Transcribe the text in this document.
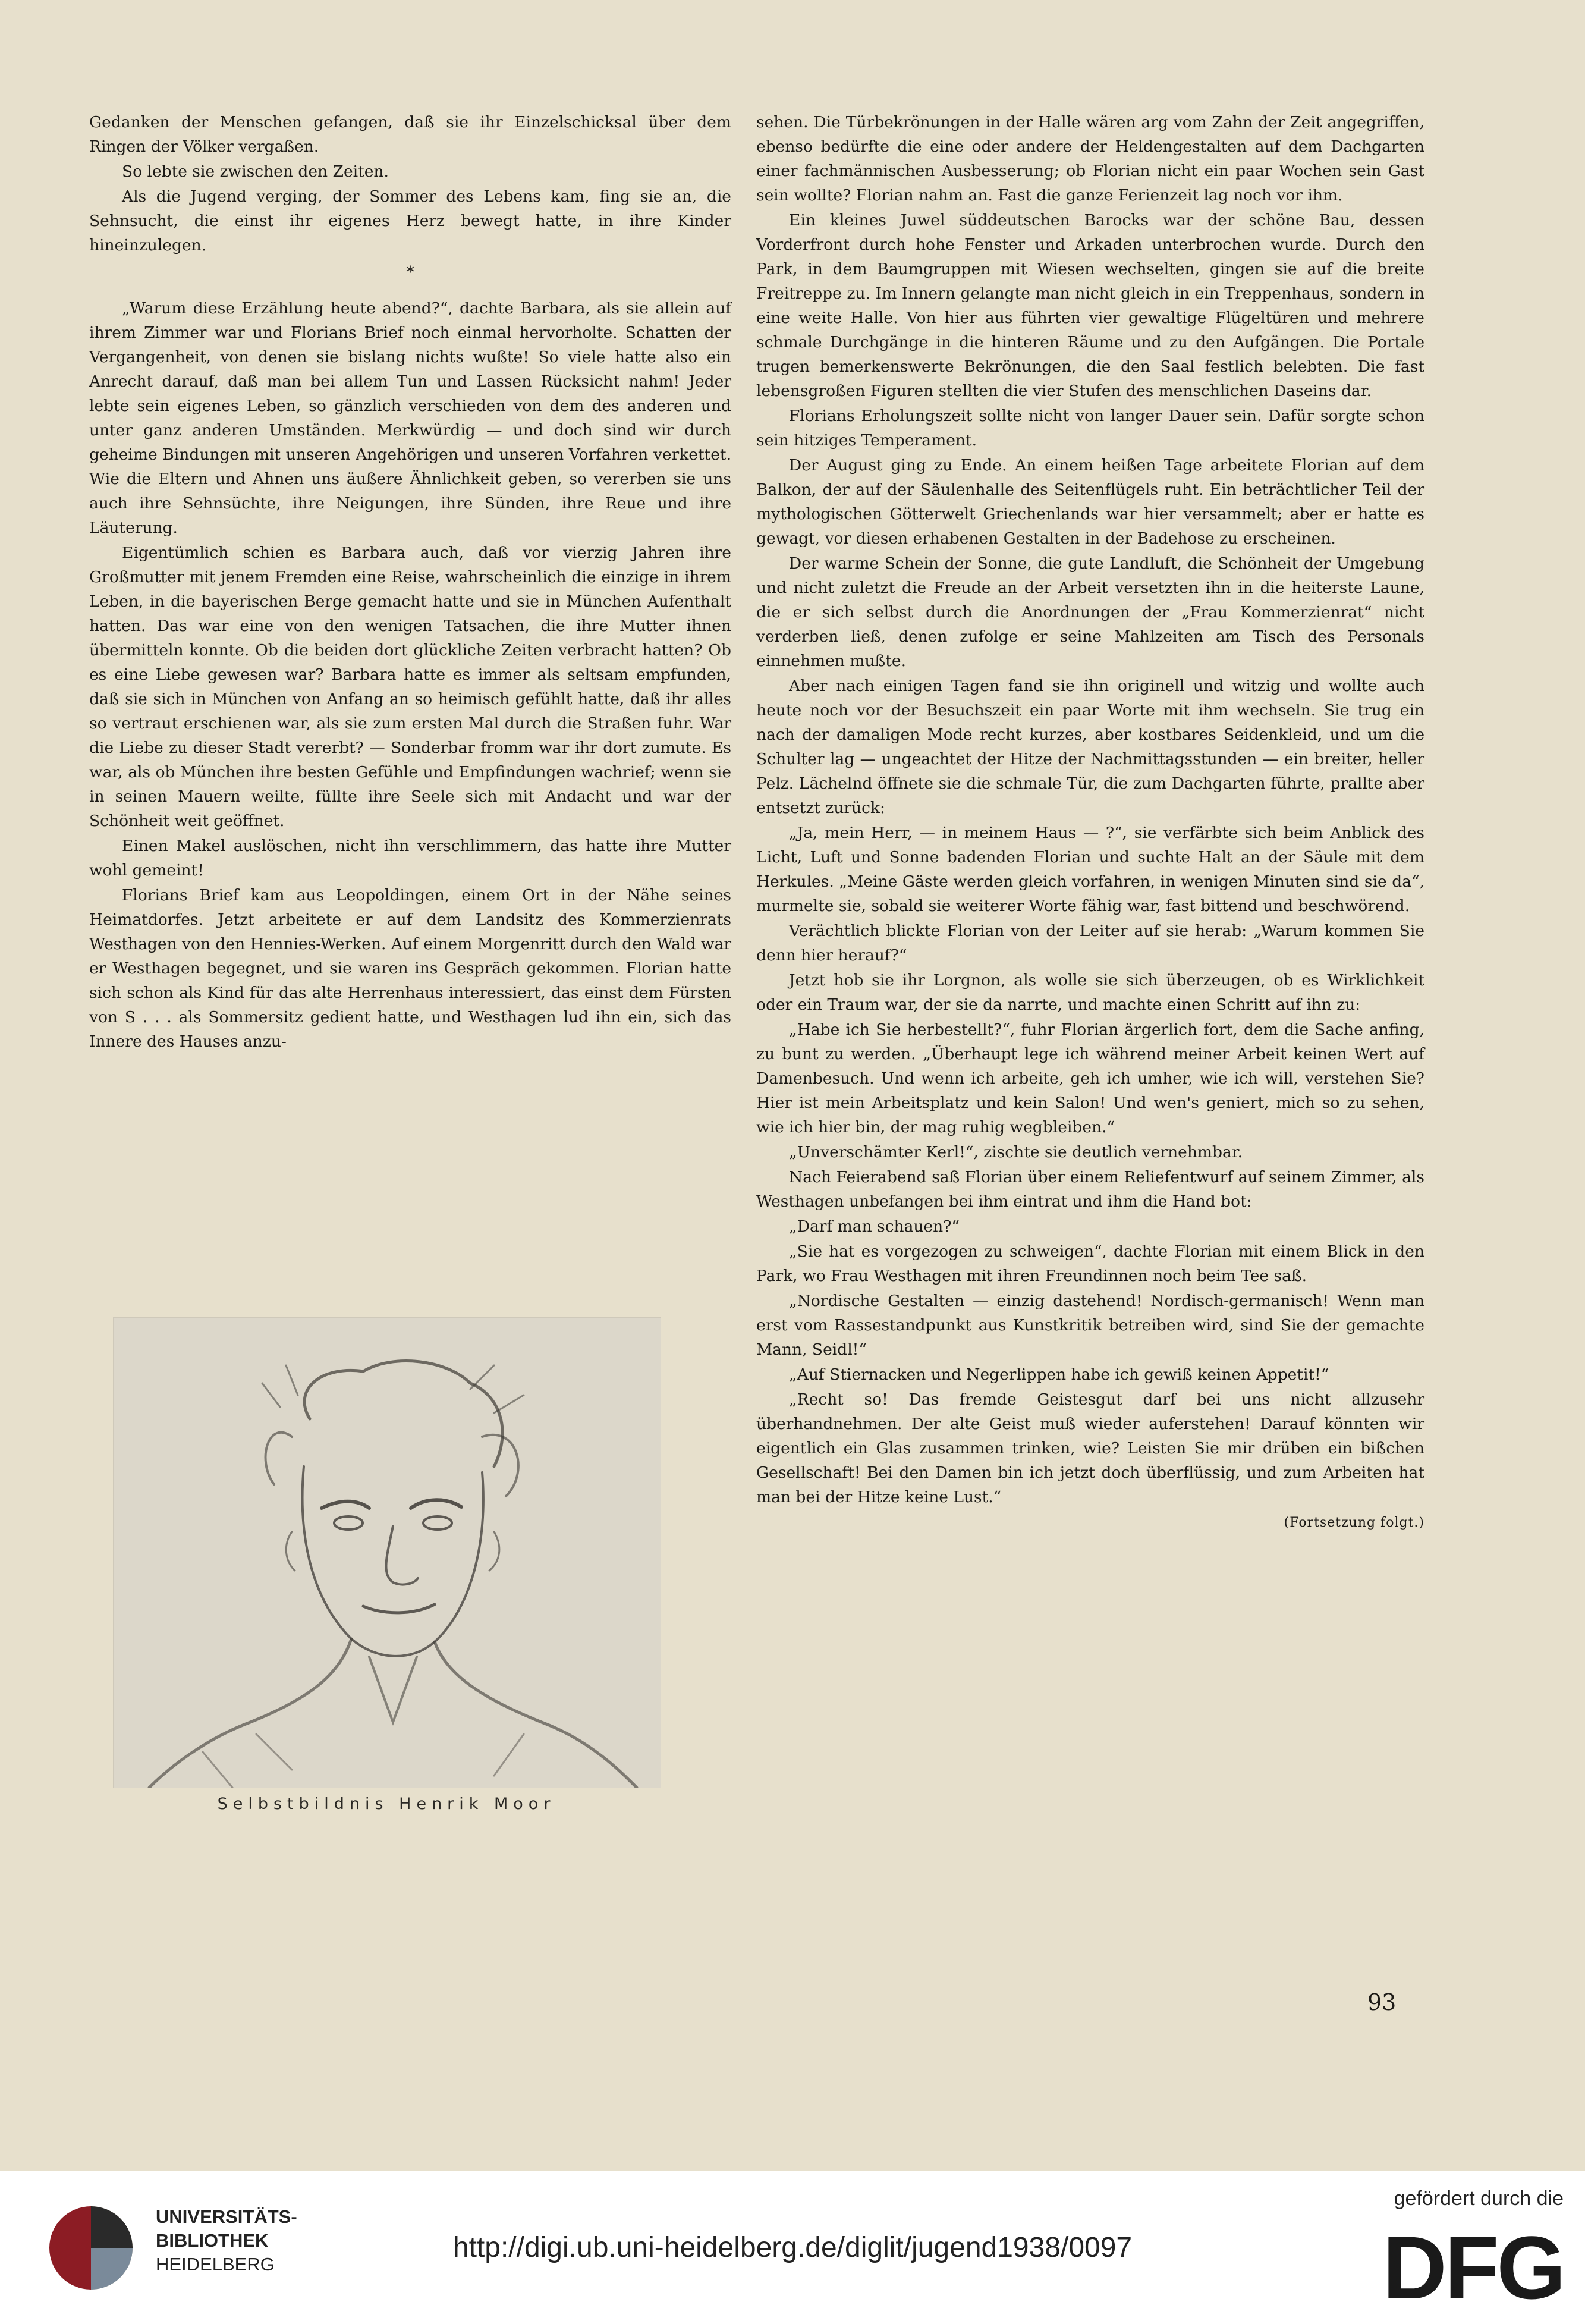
Gedanken der Menschen gefangen, daß sie ihr Einzelschicksal über dem Ringen der Völker vergaßen.

So lebte sie zwischen den Zeiten.

Als die Jugend verging, der Sommer des Lebens kam, fing sie an, die Sehnsucht, die einst ihr eigenes Herz bewegt hatte, in ihre Kinder hineinzulegen.

*

„Warum diese Erzählung heute abend?“, dachte Barbara, als sie allein auf ihrem Zimmer war und Florians Brief noch einmal hervorholte. Schatten der Vergangenheit, von denen sie bislang nichts wußte! So viele hatte also ein Anrecht darauf, daß man bei allem Tun und Lassen Rücksicht nahm! Jeder lebte sein eigenes Leben, so gänzlich verschieden von dem des anderen und unter ganz anderen Umständen. Merkwürdig — und doch sind wir durch geheime Bindungen mit unseren Angehörigen und unseren Vorfahren verkettet. Wie die Eltern und Ahnen uns äußere Ähnlichkeit geben, so vererben sie uns auch ihre Sehnsüchte, ihre Neigungen, ihre Sünden, ihre Reue und ihre Läuterung.

Eigentümlich schien es Barbara auch, daß vor vierzig Jahren ihre Großmutter mit jenem Fremden eine Reise, wahrscheinlich die einzige in ihrem Leben, in die bayerischen Berge gemacht hatte und sie in München Aufenthalt hatten. Das war eine von den wenigen Tatsachen, die ihre Mutter ihnen übermitteln konnte. Ob die beiden dort glückliche Zeiten verbracht hatten? Ob es eine Liebe gewesen war? Barbara hatte es immer als seltsam empfunden, daß sie sich in München von Anfang an so heimisch gefühlt hatte, daß ihr alles so vertraut erschienen war, als sie zum ersten Mal durch die Straßen fuhr. War die Liebe zu dieser Stadt vererbt? — Sonderbar fromm war ihr dort zumute. Es war, als ob München ihre besten Gefühle und Empfindungen wachrief; wenn sie in seinen Mauern weilte, füllte ihre Seele sich mit Andacht und war der Schönheit weit geöffnet.

Einen Makel auslöschen, nicht ihn verschlimmern, das hatte ihre Mutter wohl gemeint!

Florians Brief kam aus Leopoldingen, einem Ort in der Nähe seines Heimatdorfes. Jetzt arbeitete er auf dem Landsitz des Kommerzienrats Westhagen von den Hennies-Werken. Auf einem Morgenritt durch den Wald war er Westhagen begegnet, und sie waren ins Gespräch gekommen. Florian hatte sich schon als Kind für das alte Herrenhaus interessiert, das einst dem Fürsten von S . . . als Sommersitz gedient hatte, und Westhagen lud ihn ein, sich das Innere des Hauses anzu-

Selbstbildnis Henrik Moor

sehen. Die Türbekrönungen in der Halle wären arg vom Zahn der Zeit angegriffen, ebenso bedürfte die eine oder andere der Heldengestalten auf dem Dachgarten einer fachmännischen Ausbesserung; ob Florian nicht ein paar Wochen sein Gast sein wollte? Florian nahm an. Fast die ganze Ferienzeit lag noch vor ihm.

Ein kleines Juwel süddeutschen Barocks war der schöne Bau, dessen Vorderfront durch hohe Fenster und Arkaden unterbrochen wurde. Durch den Park, in dem Baumgruppen mit Wiesen wechselten, gingen sie auf die breite Freitreppe zu. Im Innern gelangte man nicht gleich in ein Treppenhaus, sondern in eine weite Halle. Von hier aus führten vier gewaltige Flügeltüren und mehrere schmale Durchgänge in die hinteren Räume und zu den Aufgängen. Die Portale trugen bemerkenswerte Bekrönungen, die den Saal festlich belebten. Die fast lebensgroßen Figuren stellten die vier Stufen des menschlichen Daseins dar.

Florians Erholungszeit sollte nicht von langer Dauer sein. Dafür sorgte schon sein hitziges Temperament.

Der August ging zu Ende. An einem heißen Tage arbeitete Florian auf dem Balkon, der auf der Säulenhalle des Seitenflügels ruht. Ein beträchtlicher Teil der mythologischen Götterwelt Griechenlands war hier versammelt; aber er hatte es gewagt, vor diesen erhabenen Gestalten in der Badehose zu erscheinen.

Der warme Schein der Sonne, die gute Landluft, die Schönheit der Umgebung und nicht zuletzt die Freude an der Arbeit versetzten ihn in die heiterste Laune, die er sich selbst durch die Anordnungen der „Frau Kommerzienrat“ nicht verderben ließ, denen zufolge er seine Mahlzeiten am Tisch des Personals einnehmen mußte.

Aber nach einigen Tagen fand sie ihn originell und witzig und wollte auch heute noch vor der Besuchszeit ein paar Worte mit ihm wechseln. Sie trug ein nach der damaligen Mode recht kurzes, aber kostbares Seidenkleid, und um die Schulter lag — ungeachtet der Hitze der Nachmittagsstunden — ein breiter, heller Pelz. Lächelnd öffnete sie die schmale Tür, die zum Dachgarten führte, prallte aber entsetzt zurück:

„Ja, mein Herr, — in meinem Haus — ?“, sie verfärbte sich beim Anblick des Licht, Luft und Sonne badenden Florian und suchte Halt an der Säule mit dem Herkules. „Meine Gäste werden gleich vorfahren, in wenigen Minuten sind sie da“, murmelte sie, sobald sie weiterer Worte fähig war, fast bittend und beschwörend.

Verächtlich blickte Florian von der Leiter auf sie herab: „Warum kommen Sie denn hier herauf?“

Jetzt hob sie ihr Lorgnon, als wolle sie sich überzeugen, ob es Wirklichkeit oder ein Traum war, der sie da narrte, und machte einen Schritt auf ihn zu:

„Habe ich Sie herbestellt?“, fuhr Florian ärgerlich fort, dem die Sache anfing, zu bunt zu werden. „Überhaupt lege ich während meiner Arbeit keinen Wert auf Damenbesuch. Und wenn ich arbeite, geh ich umher, wie ich will, verstehen Sie? Hier ist mein Arbeitsplatz und kein Salon! Und wen's geniert, mich so zu sehen, wie ich hier bin, der mag ruhig wegbleiben.“

„Unverschämter Kerl!“, zischte sie deutlich vernehmbar.

Nach Feierabend saß Florian über einem Reliefentwurf auf seinem Zimmer, als Westhagen unbefangen bei ihm eintrat und ihm die Hand bot:

„Darf man schauen?“

„Sie hat es vorgezogen zu schweigen“, dachte Florian mit einem Blick in den Park, wo Frau Westhagen mit ihren Freundinnen noch beim Tee saß.

„Nordische Gestalten — einzig dastehend! Nordisch-germanisch! Wenn man erst vom Rassestandpunkt aus Kunstkritik betreiben wird, sind Sie der gemachte Mann, Seidl!“

„Auf Stiernacken und Negerlippen habe ich gewiß keinen Appetit!“

„Recht so! Das fremde Geistesgut darf bei uns nicht allzusehr überhandnehmen. Der alte Geist muß wieder auferstehen! Darauf könnten wir eigentlich ein Glas zusammen trinken, wie? Leisten Sie mir drüben ein bißchen Gesellschaft! Bei den Damen bin ich jetzt doch überflüssig, und zum Arbeiten hat man bei der Hitze keine Lust.“

(Fortsetzung folgt.)

93
UNIVERSITÄTS-
BIBLIOTHEK
HEIDELBERG
http://digi.ub.uni-heidelberg.de/diglit/jugend1938/0097
gefördert durch die
DFG
